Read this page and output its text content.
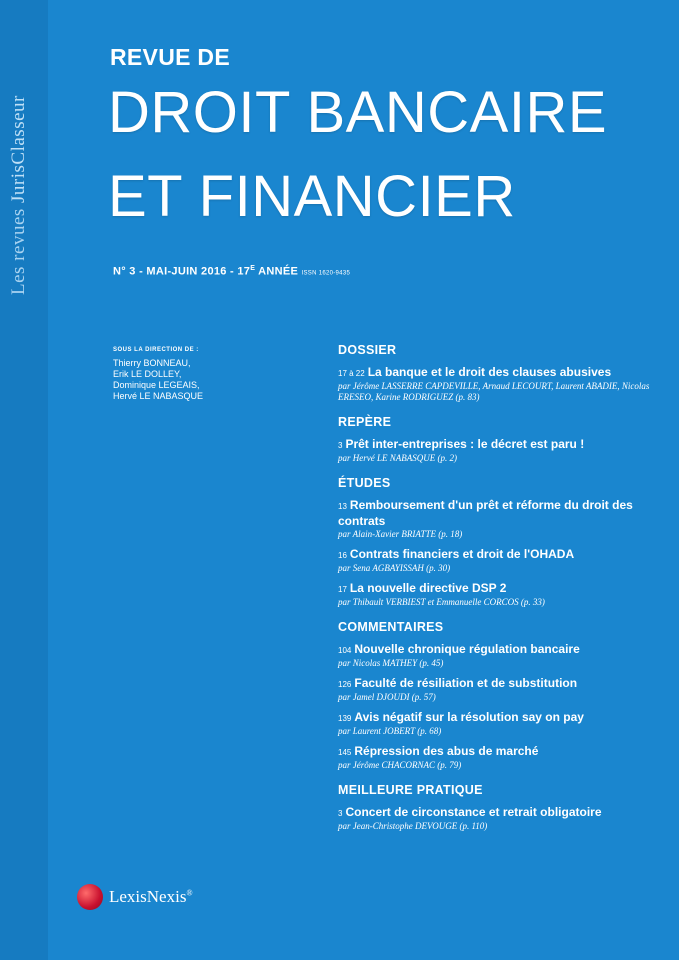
Les revues JurisClasseur
REVUE DE
DROIT BANCAIRE
ET FINANCIER
N° 3 - MAI-JUIN $2016 - 17^E$ ANNÉE ISSN 1620-9435
SOUS LA DIRECTION DE :
Thierry BONNEAU,
Erik LE DOLLEY,
Dominique LEGEAIS,
Hervé LE NABASQUE
DOSSIER
17 à 22 La banque et le droit des clauses abusives
par Jérôme LASSERRE CAPDEVILLE, Arnaud LECOURT, Laurent ABADIE, Nicolas ERESEO, Karine RODRIGUEZ (p. 83)
REPÈRE
3 Prêt inter-entreprises : le décret est paru !
par Hervé LE NABASQUE (p. 2)
ÉTUDES
13 Remboursement d'un prêt et réforme du droit des contrats
par Alain-Xavier BRIATTE (p. 18)
16 Contrats financiers et droit de l'OHADA
par Sena AGBAYISSAH (p. 30)
17 La nouvelle directive DSP 2
par Thibault VERBIEST et Emmanuelle CORCOS (p. 33)
COMMENTAIRES
104 Nouvelle chronique régulation bancaire
par Nicolas MATHEY (p. 45)
126 Faculté de résiliation et de substitution
par Jamel DJOUDI (p. 57)
139 Avis négatif sur la résolution say on pay
par Laurent JOBERT (p. 68)
145 Répression des abus de marché
par Jérôme CHACORNAC (p. 79)
MEILLEURE PRATIQUE
3 Concert de circonstance et retrait obligatoire
par Jean-Christophe DEVOUGE (p. 110)
LexisNexis®
